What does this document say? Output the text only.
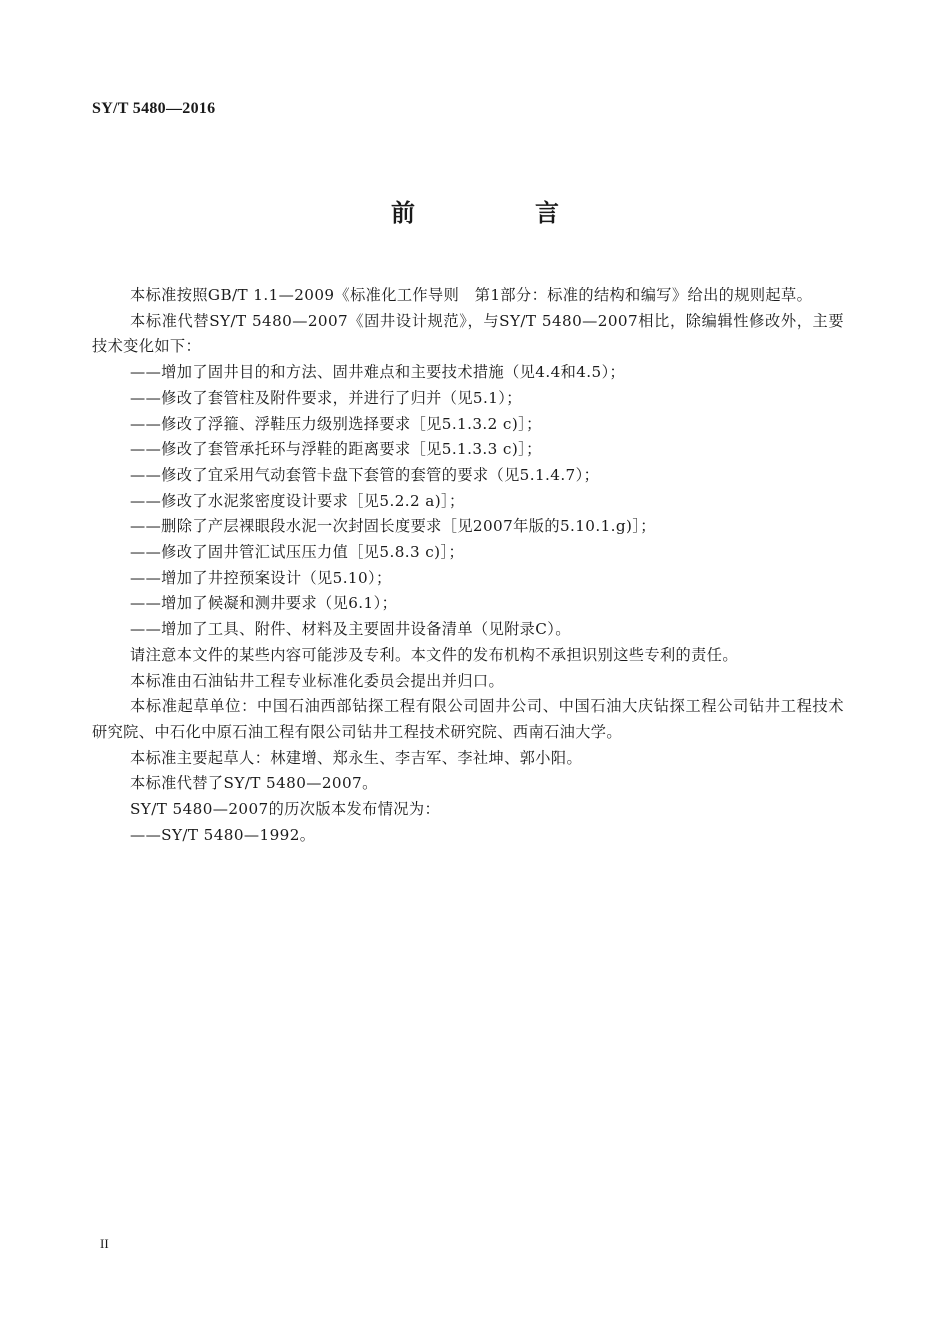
SY/T 5480—2016
前　言

本标准按照GB/T 1.1—2009《标准化工作导则　第1部分：标准的结构和编写》给出的规则起草。

本标准代替SY/T 5480—2007《固井设计规范》，与SY/T 5480—2007相比，除编辑性修改外，主要技术变化如下：

——增加了固井目的和方法、固井难点和主要技术措施（见4.4和4.5）；

——修改了套管柱及附件要求，并进行了归并（见5.1）；

——修改了浮箍、浮鞋压力级别选择要求［见5.1.3.2 c)］；

——修改了套管承托环与浮鞋的距离要求［见5.1.3.3 c)］；

——修改了宜采用气动套管卡盘下套管的套管的要求（见5.1.4.7）；

——修改了水泥浆密度设计要求［见5.2.2 a)］；

——删除了产层裸眼段水泥一次封固长度要求［见2007年版的5.10.1.g)］；

——修改了固井管汇试压压力值［见5.8.3 c)］；

——增加了井控预案设计（见5.10）；

——增加了候凝和测井要求（见6.1）；

——增加了工具、附件、材料及主要固井设备清单（见附录C）。

请注意本文件的某些内容可能涉及专利。本文件的发布机构不承担识别这些专利的责任。

本标准由石油钻井工程专业标准化委员会提出并归口。

本标准起草单位：中国石油西部钻探工程有限公司固井公司、中国石油大庆钻探工程公司钻井工程技术研究院、中石化中原石油工程有限公司钻井工程技术研究院、西南石油大学。

本标准主要起草人：林建增、郑永生、李吉军、李社坤、郭小阳。

本标准代替了SY/T 5480—2007。

SY/T 5480—2007的历次版本发布情况为：

——SY/T 5480—1992。

II
